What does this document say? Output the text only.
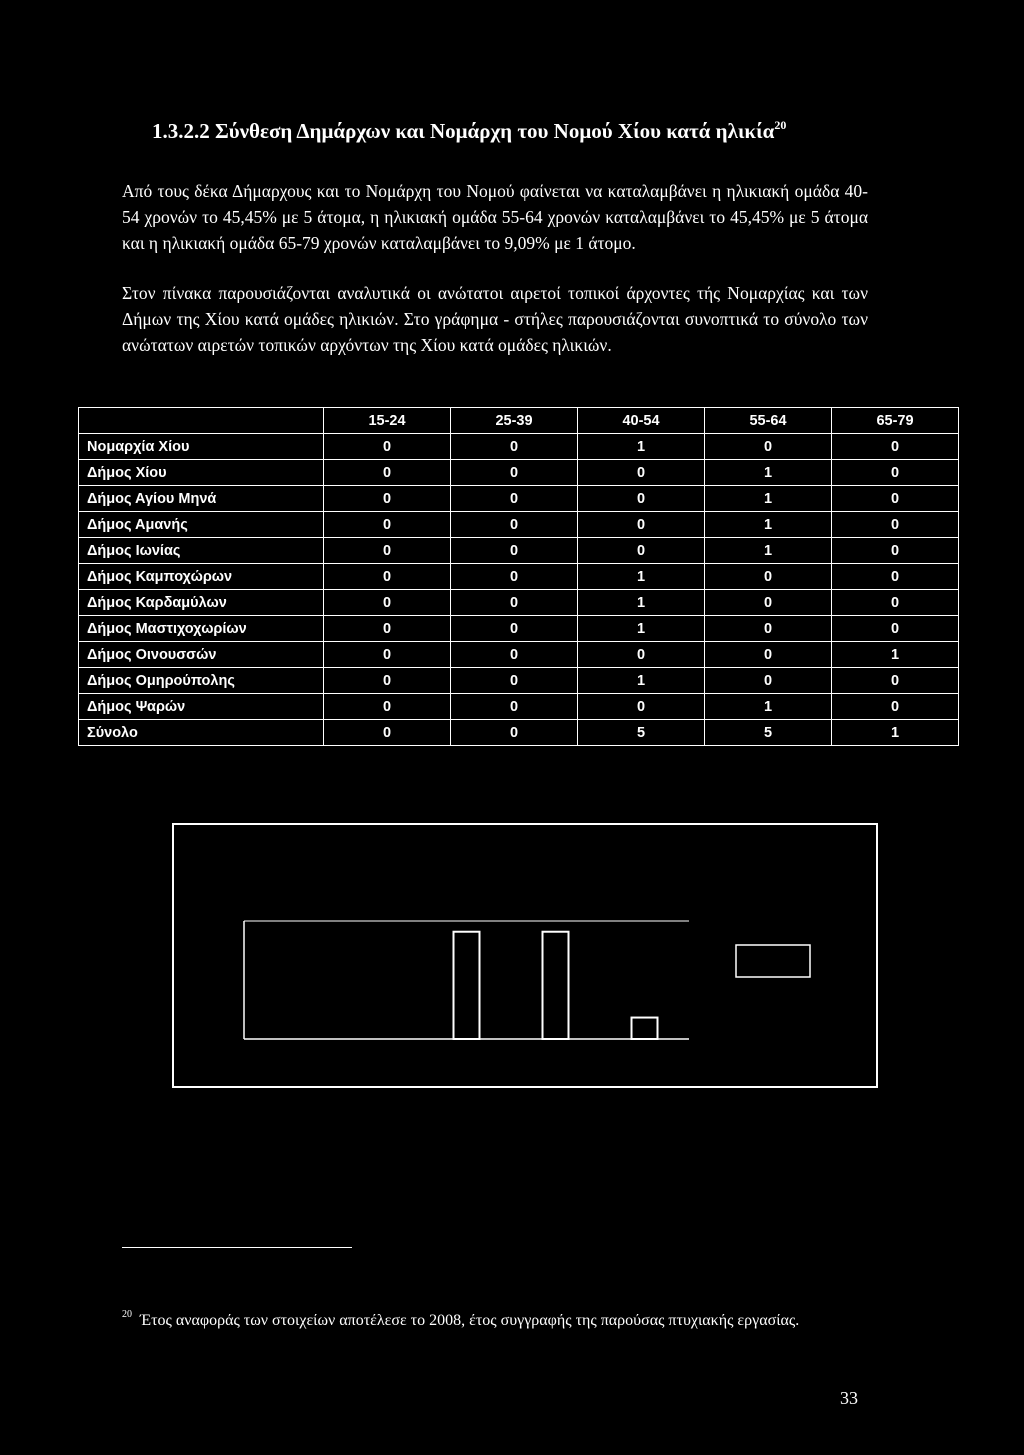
1.3.2.2 Σύνθεση Δημάρχων και Νομάρχη του Νομού Χίου κατά ηλικία$^{20}$

Από τους δέκα Δήμαρχους και το Νομάρχη του Νομού φαίνεται να καταλαμβάνει η ηλικιακή ομάδα 40-54 χρονών το 45,45% με 5 άτομα, η ηλικιακή ομάδα 55-64 χρονών καταλαμβάνει το 45,45% με 5 άτομα και η ηλικιακή ομάδα 65-79 χρονών καταλαμβάνει το 9,09% με 1 άτομο.

Στον πίνακα παρουσιάζονται αναλυτικά οι ανώτατοι αιρετοί τοπικοί άρχοντες τής Νομαρχίας και των Δήμων της Χίου κατά ομάδες ηλικιών. Στο γράφημα - στήλες παρουσιάζονται συνοπτικά το σύνολο των ανώτατων αιρετών τοπικών αρχόντων της Χίου κατά ομάδες ηλικιών.

	15-24	25-39	40-54	55-64	65-79
Νομαρχία Χίου	0	0	1	0	0
Δήμος Χίου	0	0	0	1	0
Δήμος Αγίου Μηνά	0	0	0	1	0
Δήμος Αμανής	0	0	0	1	0
Δήμος Ιωνίας	0	0	0	1	0
Δήμος Καμποχώρων	0	0	1	0	0
Δήμος Καρδαμύλων	0	0	1	0	0
Δήμος Μαστιχοχωρίων	0	0	1	0	0
Δήμος Οινουσσών	0	0	0	0	1
Δήμος Ομηρούπολης	0	0	1	0	0
Δήμος Ψαρών	0	0	0	1	0
Σύνολο	0	0	5	5	1
$^{20}$ Έτος αναφοράς των στοιχείων αποτέλεσε το 2008, έτος συγγραφής της παρούσας πτυχιακής εργασίας.
33
